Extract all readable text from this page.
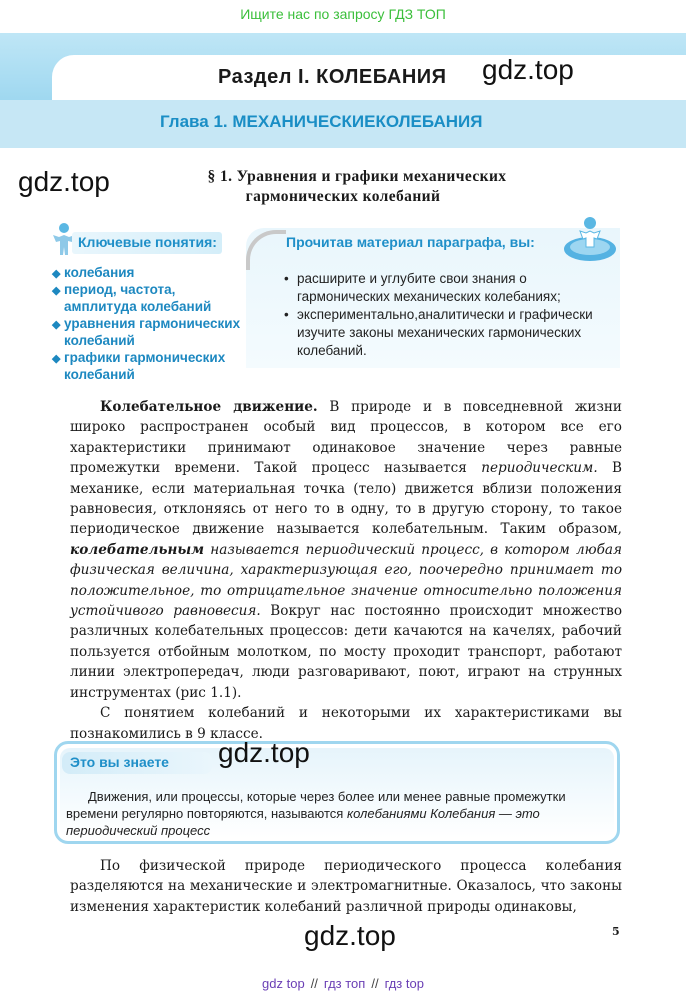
Ищите нас по запросу ГДЗ ТОП
Раздел I. КОЛЕБАНИЯ
Глава 1. МЕХАНИЧЕСКИЕКОЛЕБАНИЯ
gdz.top
gdz.top	§ 1. Уравнения и графики механических
гармонических колебаний
Ключевые понятия:
◆ колебания
◆ период, частота, амплитуда колебаний
◆ уравнения гармонических колебаний
◆ графики гармонических колебаний
Прочитав материал параграфа, вы:
• расширите и углубите свои знания о гармонических механических колебаниях;
• экспериментально,аналитически и графически изучите законы механических гармонических колебаний.

Колебательное движение. В природе и в повседневной жизни широко распространен особый вид процессов, в котором все его характеристики принимают одинаковое значение через равные промежутки времени. Такой процесс называется периодическим. В механике, если материальная точка (тело) движется вблизи положения равновесия, отклоняясь от него то в одну, то в другую сторону, то такое периодическое движение называется колебательным. Таким образом, колебательным называется периодический процесс, в котором любая физическая величина, характеризующая его, поочередно принимает то положительное, то отрицательное значение относительно положения устойчивого равновесия. Вокруг нас постоянно происходит множество различных колебательных процессов: дети качаются на качелях, рабочий пользуется отбойным молотком, по мосту проходит транспорт, работают линии электропередач, люди разговаривают, поют, играют на струнных инструментах (рис 1.1).

С понятием колебаний и некоторыми их характеристиками вы познакомились в 9 классе.

Это вы знаете	gdz.top

Движения, или процессы, которые через более или менее равные промежутки времени регулярно повторяются, называются колебаниями Колебания — это периодический процесс

По физической природе периодического процесса колебания разделяются на механические и электромагнитные. Оказалось, что законы изменения характеристик колебаний различной природы одинаковы,

gdz.top	5
gdz top // гдз топ // гдз top
